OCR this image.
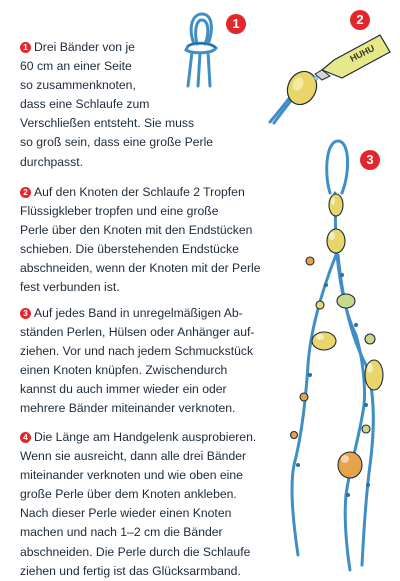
1 Drei Bänder von je
60 cm an einer Seite
so zusammenknoten,
dass eine Schlaufe zum
Verschließen entsteht. Sie muss
so groß sein, dass eine große Perle
durchpasst.
2 Auf den Knoten der Schlaufe 2 Tropfen
Flüssigkleber tropfen und eine große
Perle über den Knoten mit den Endstücken
schieben. Die überstehenden Endstücke
abschneiden, wenn der Knoten mit der Perle
fest verbunden ist.
3 Auf jedes Band in unregelmäßigen Ab-
ständen Perlen, Hülsen oder Anhänger auf-
ziehen. Vor und nach jedem Schmuckstück
einen Knoten knüpfen. Zwischendurch
kannst du auch immer wieder ein oder
mehrere Bänder miteinander verknoten.
4 Die Länge am Handgelenk ausprobieren.
Wenn sie ausreicht, dann alle drei Bänder
miteinander verknoten und wie oben eine
große Perle über dem Knoten ankleben.
Nach dieser Perle wieder einen Knoten
machen und nach 1–2 cm die Bänder
abschneiden. Die Perle durch die Schlaufe
ziehen und fertig ist das Glücksarmband.
1	2
HUHU
3
